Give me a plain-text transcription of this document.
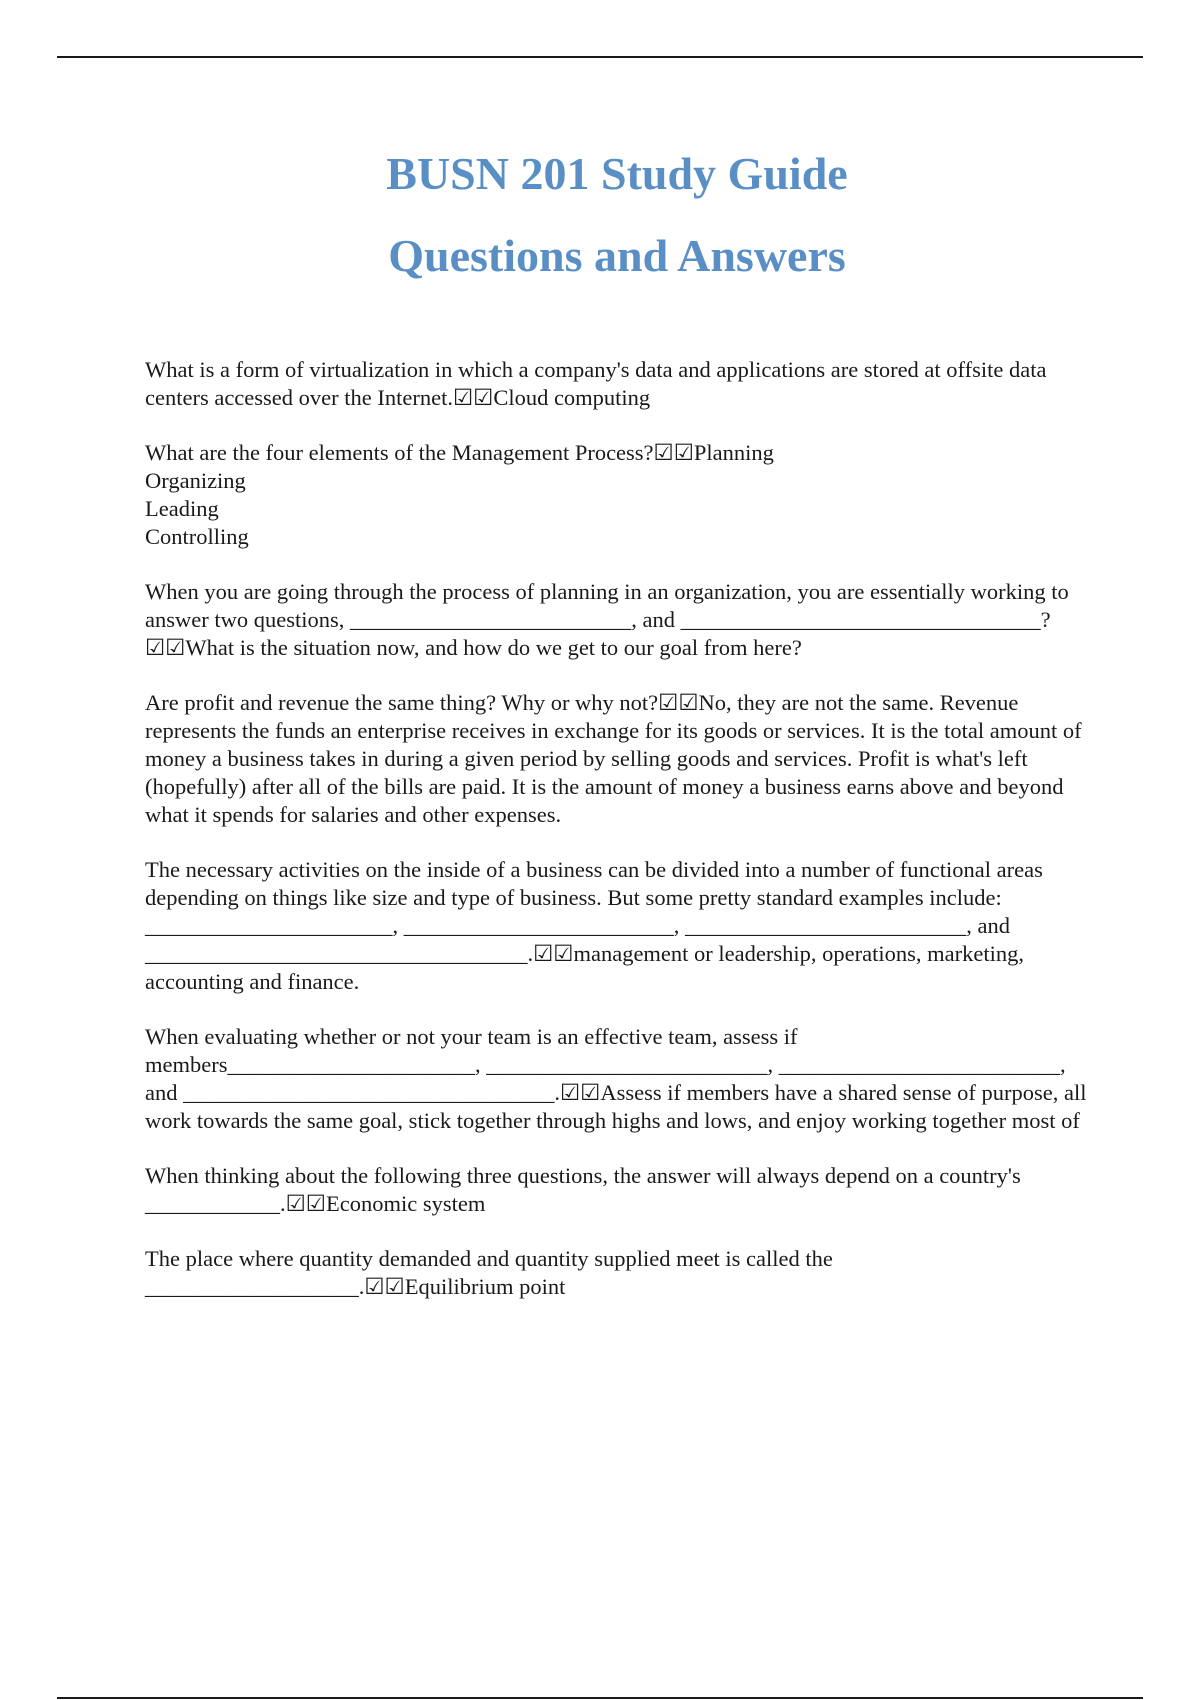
BUSN 201 Study Guide
Questions and Answers

What is a form of virtualization in which a company's data and applications are stored at offsite data centers accessed over the Internet.☑☑Cloud computing

What are the four elements of the Management Process?☑☑Planning
Organizing
Leading
Controlling

When you are going through the process of planning in an organization, you are essentially working to answer two questions, _________________________, and ________________________________?☑☑What is the situation now, and how do we get to our goal from here?

Are profit and revenue the same thing? Why or why not?☑☑No, they are not the same. Revenue represents the funds an enterprise receives in exchange for its goods or services. It is the total amount of money a business takes in during a given period by selling goods and services. Profit is what's left (hopefully) after all of the bills are paid. It is the amount of money a business earns above and beyond what it spends for salaries and other expenses.

The necessary activities on the inside of a business can be divided into a number of functional areas depending on things like size and type of business. But some pretty standard examples include: ______________________, ________________________, _________________________, and __________________________________.☑☑management or leadership, operations, marketing, accounting and finance.

When evaluating whether or not your team is an effective team, assess if members______________________, _________________________, _________________________, and _________________________________.☑☑Assess if members have a shared sense of purpose, all work towards the same goal, stick together through highs and lows, and enjoy working together most of

When thinking about the following three questions, the answer will always depend on a country's ____________.☑☑Economic system

The place where quantity demanded and quantity supplied meet is called the ___________________.☑☑Equilibrium point
